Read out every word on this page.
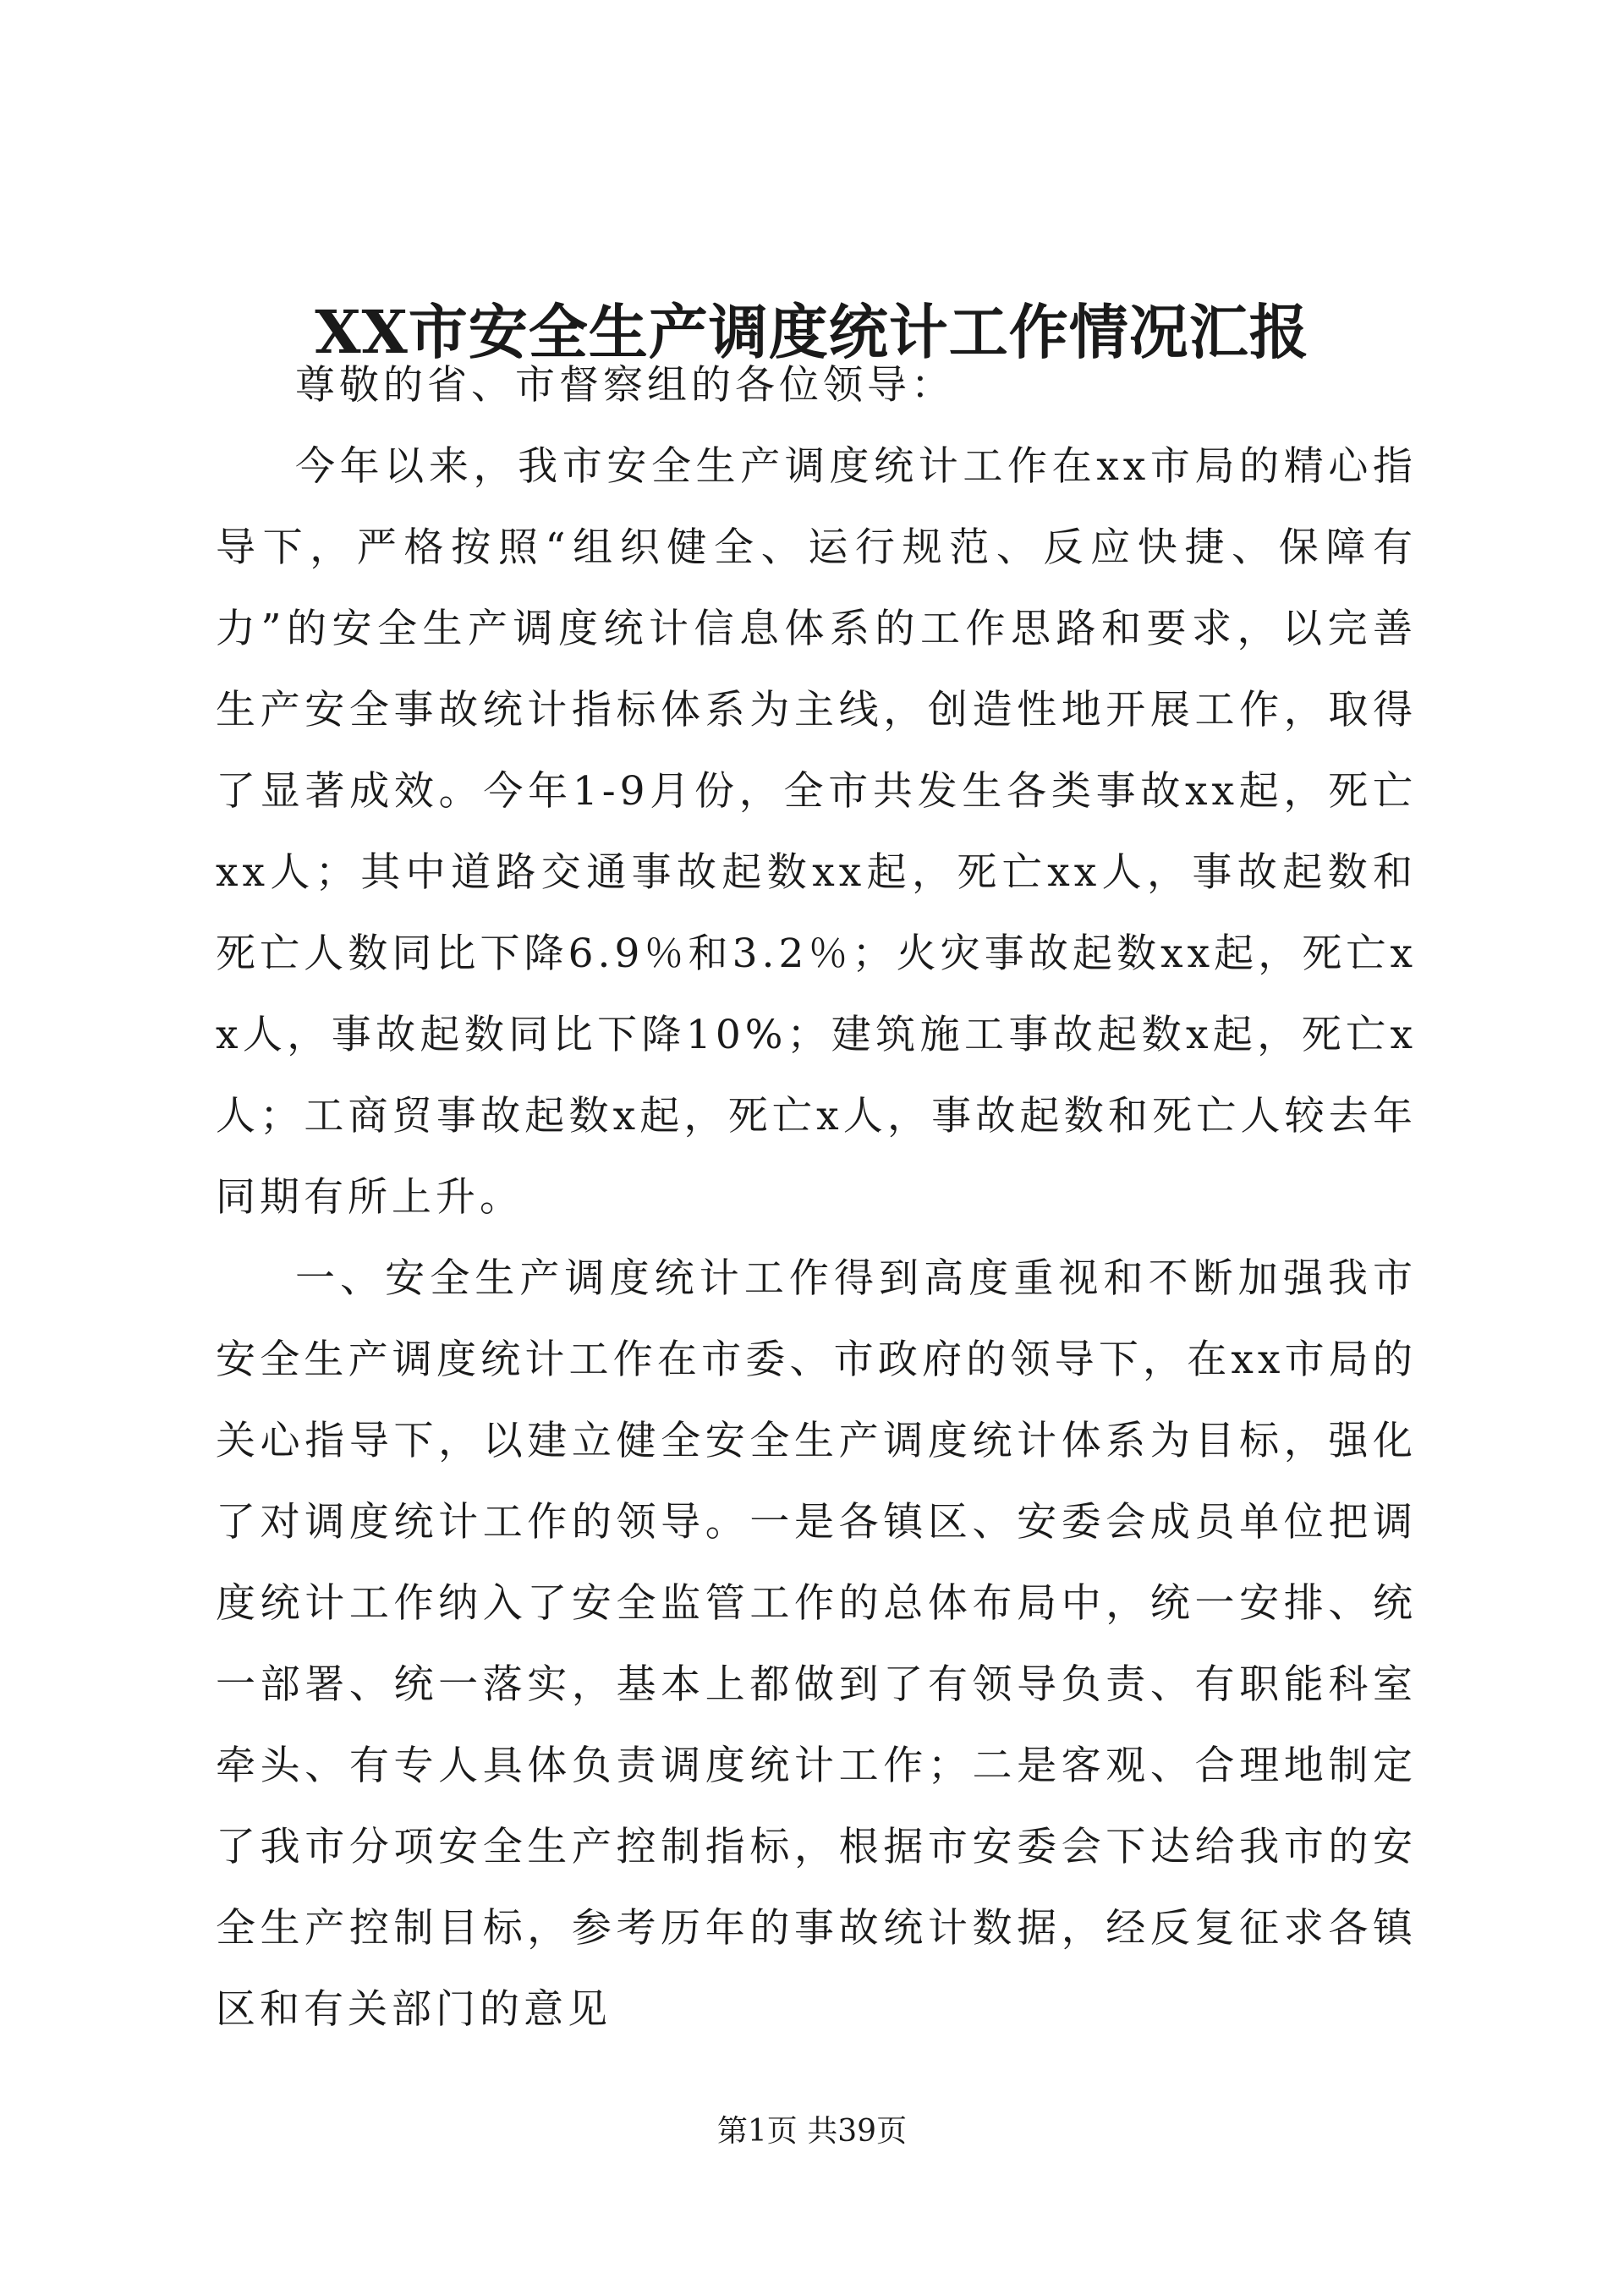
XX市安全生产调度统计工作情况汇报

尊敬的省、市督察组的各位领导：

今年以来，我市安全生产调度统计工作在xx市局的精心指导下，严格按照“组织健全、运行规范、反应快捷、保障有力”的安全生产调度统计信息体系的工作思路和要求，以完善生产安全事故统计指标体系为主线，创造性地开展工作，取得了显著成效。今年1-9月份，全市共发生各类事故xx起，死亡xx人；其中道路交通事故起数xx起，死亡xx人，事故起数和死亡人数同比下降6.9％和3.2％；火灾事故起数xx起，死亡xx人，事故起数同比下降10%；建筑施工事故起数x起，死亡x人；工商贸事故起数x起，死亡x人，事故起数和死亡人较去年同期有所上升。

一、安全生产调度统计工作得到高度重视和不断加强我市安全生产调度统计工作在市委、市政府的领导下，在xx市局的关心指导下，以建立健全安全生产调度统计体系为目标，强化了对调度统计工作的领导。一是各镇区、安委会成员单位把调度统计工作纳入了安全监管工作的总体布局中，统一安排、统一部署、统一落实，基本上都做到了有领导负责、有职能科室牵头、有专人具体负责调度统计工作；二是客观、合理地制定了我市分项安全生产控制指标，根据市安委会下达给我市的安全生产控制目标，参考历年的事故统计数据，经反复征求各镇区和有关部门的意见

第1页 共39页
